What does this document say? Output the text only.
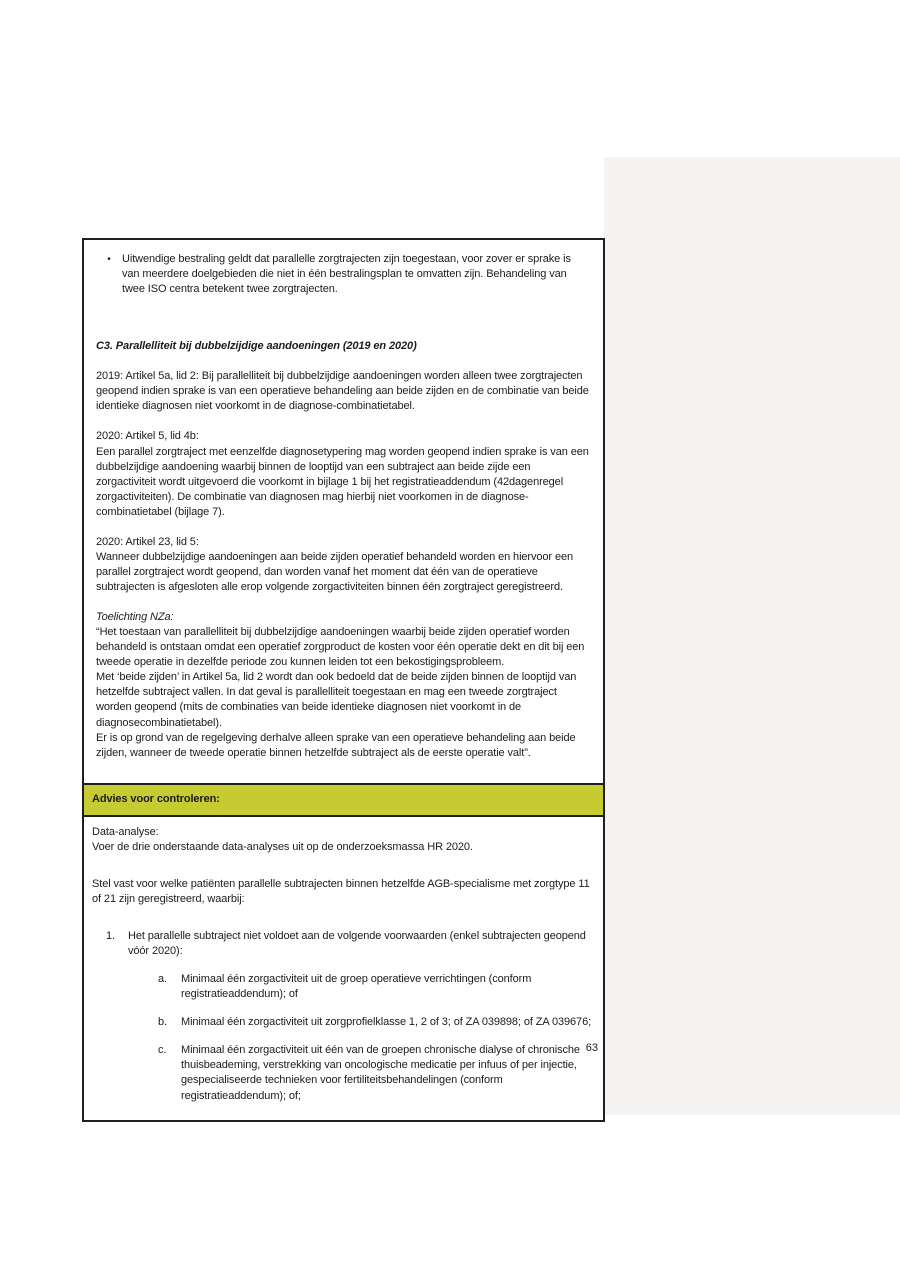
•	Uitwendige bestraling geldt dat parallelle zorgtrajecten zijn toegestaan, voor zover er sprake is van meerdere doelgebieden die niet in één bestralingsplan te omvatten zijn. Behandeling van twee ISO centra betekent twee zorgtrajecten.
C3. Parallelliteit bij dubbelzijdige aandoeningen (2019 en 2020)
2019: Artikel 5a, lid 2: Bij parallelliteit bij dubbelzijdige aandoeningen worden alleen twee zorgtrajecten geopend indien sprake is van een operatieve behandeling aan beide zijden en de combinatie van beide identieke diagnosen niet voorkomt in de diagnose-combinatietabel.
2020: Artikel 5, lid 4b:
Een parallel zorgtraject met eenzelfde diagnosetypering mag worden geopend indien sprake is van een dubbelzijdige aandoening waarbij binnen de looptijd van een subtraject aan beide zijde een zorgactiviteit wordt uitgevoerd die voorkomt in bijlage 1 bij het registratieaddendum (42dagenregel zorgactiviteiten). De combinatie van diagnosen mag hierbij niet voorkomen in de diagnose-combinatietabel (bijlage 7).
2020: Artikel 23, lid 5:
Wanneer dubbelzijdige aandoeningen aan beide zijden operatief behandeld worden en hiervoor een parallel zorgtraject wordt geopend, dan worden vanaf het moment dat één van de operatieve subtrajecten is afgesloten alle erop volgende zorgactiviteiten binnen één zorgtraject geregistreerd.
Toelichting NZa:
“Het toestaan van parallelliteit bij dubbelzijdige aandoeningen waarbij beide zijden operatief worden behandeld is ontstaan omdat een operatief zorgproduct de kosten voor één operatie dekt en dit bij een tweede operatie in dezelfde periode zou kunnen leiden tot een bekostigingsprobleem.
Met ‘beide zijden’ in Artikel 5a, lid 2 wordt dan ook bedoeld dat de beide zijden binnen de looptijd van hetzelfde subtraject vallen. In dat geval is parallelliteit toegestaan en mag een tweede zorgtraject worden geopend (mits de combinaties van beide identieke diagnosen niet voorkomt in de diagnosecombinatietabel).
Er is op grond van de regelgeving derhalve alleen sprake van een operatieve behandeling aan beide zijden, wanneer de tweede operatie binnen hetzelfde subtraject als de eerste operatie valt”.
Advies voor controleren:
Data-analyse:
Voer de drie onderstaande data-analyses uit op de onderzoeksmassa HR 2020.
Stel vast voor welke patiënten parallelle subtrajecten binnen hetzelfde AGB-specialisme met zorgtype 11 of 21 zijn geregistreerd, waarbij:
1.	Het parallelle subtraject niet voldoet aan de volgende voorwaarden (enkel subtrajecten geopend vóór 2020):
a.	Minimaal één zorgactiviteit uit de groep operatieve verrichtingen (conform registratieaddendum); of
b.	Minimaal één zorgactiviteit uit zorgprofielklasse 1, 2 of 3; of ZA 039898; of ZA 039676;
c.	Minimaal één zorgactiviteit uit één van de groepen chronische dialyse of chronische thuisbeademing, verstrekking van oncologische medicatie per infuus of per injectie, gespecialiseerde technieken voor fertiliteitsbehandelingen (conform registratieaddendum); of;
63
